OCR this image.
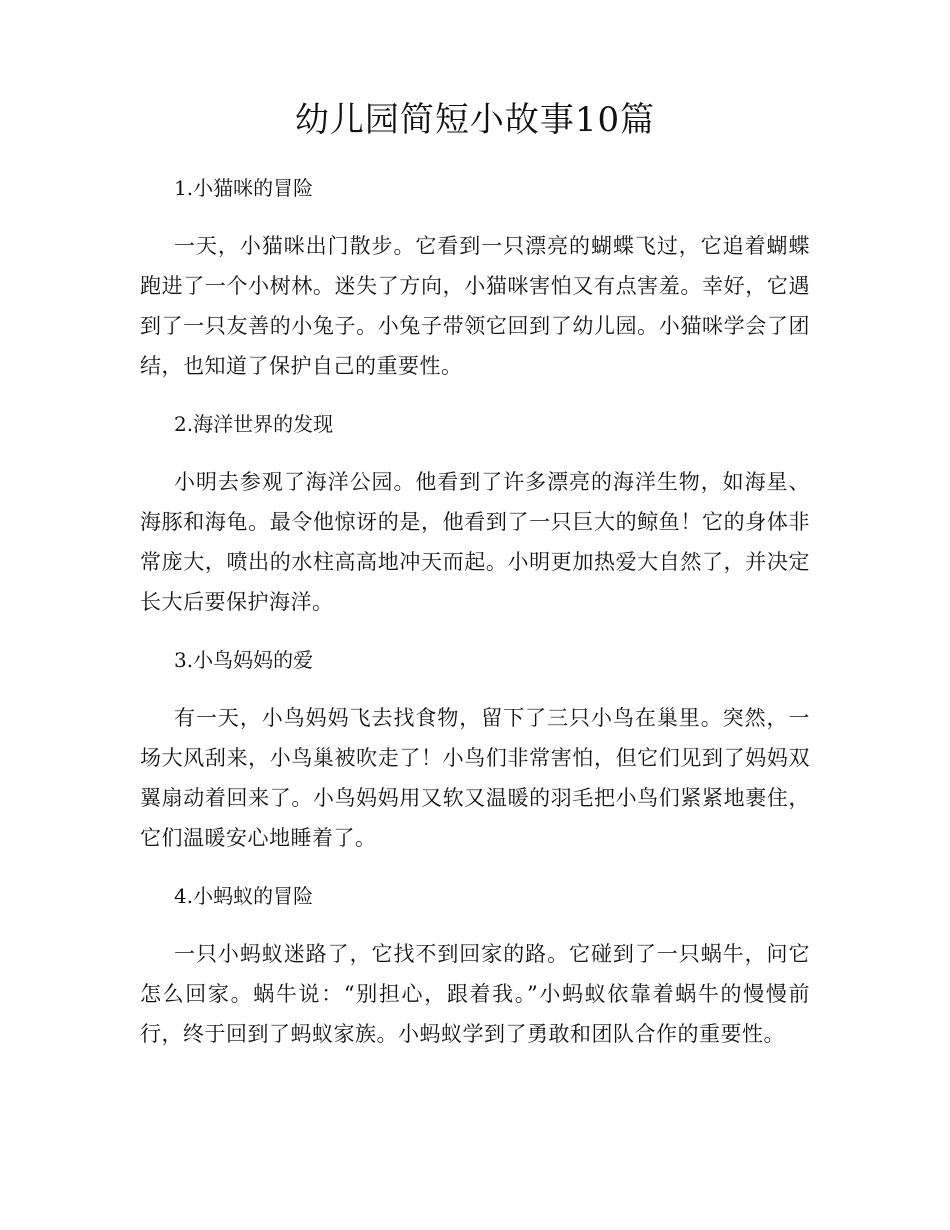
幼儿园简短小故事10篇
1.小猫咪的冒险

一天，小猫咪出门散步。它看到一只漂亮的蝴蝶飞过，它追着蝴蝶跑进了一个小树林。迷失了方向，小猫咪害怕又有点害羞。幸好，它遇到了一只友善的小兔子。小兔子带领它回到了幼儿园。小猫咪学会了团结，也知道了保护自己的重要性。

2.海洋世界的发现

小明去参观了海洋公园。他看到了许多漂亮的海洋生物，如海星、海豚和海龟。最令他惊讶的是，他看到了一只巨大的鲸鱼！它的身体非常庞大，喷出的水柱高高地冲天而起。小明更加热爱大自然了，并决定长大后要保护海洋。

3.小鸟妈妈的爱

有一天，小鸟妈妈飞去找食物，留下了三只小鸟在巢里。突然，一场大风刮来，小鸟巢被吹走了！小鸟们非常害怕，但它们见到了妈妈双翼扇动着回来了。小鸟妈妈用又软又温暖的羽毛把小鸟们紧紧地裹住，它们温暖安心地睡着了。

4.小蚂蚁的冒险

一只小蚂蚁迷路了，它找不到回家的路。它碰到了一只蜗牛，问它怎么回家。蜗牛说：“别担心，跟着我。”小蚂蚁依靠着蜗牛的慢慢前行，终于回到了蚂蚁家族。小蚂蚁学到了勇敢和团队合作的重要性。
